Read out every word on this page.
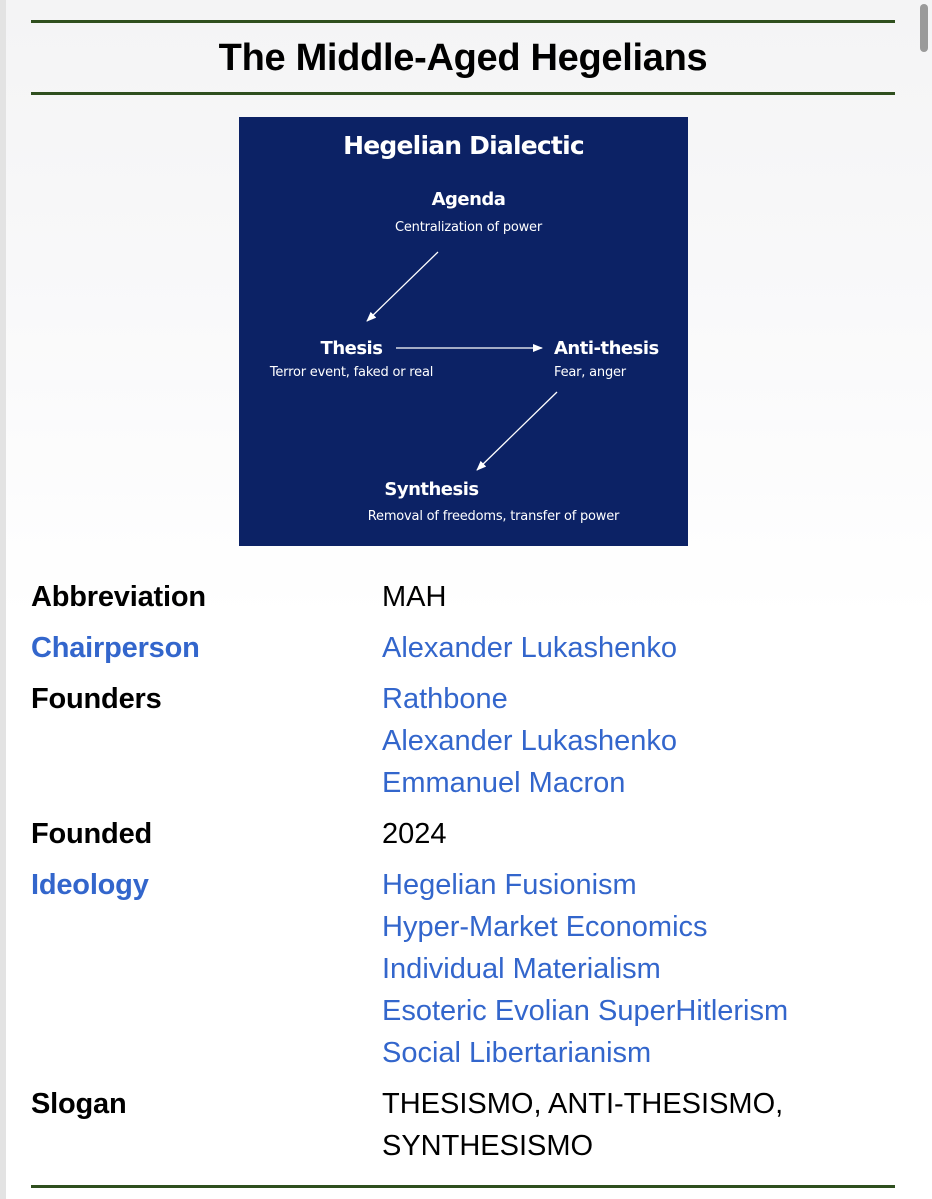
The Middle-Aged Hegelians
Hegelian Dialectic
Agenda
Centralization of power
Thesis
Terror event, faked or real
Anti-thesis
Fear, anger
Synthesis
Removal of freedoms, transfer of power
Abbreviation	MAH
Chairperson	Alexander Lukashenko
Founders	Rathbone
Alexander Lukashenko
Emmanuel Macron
Founded	2024
Ideology	Hegelian Fusionism
Hyper-Market Economics
Individual Materialism
Esoteric Evolian SuperHitlerism
Social Libertarianism
Slogan	THESISMO, ANTI-THESISMO, SYNTHESISMO
